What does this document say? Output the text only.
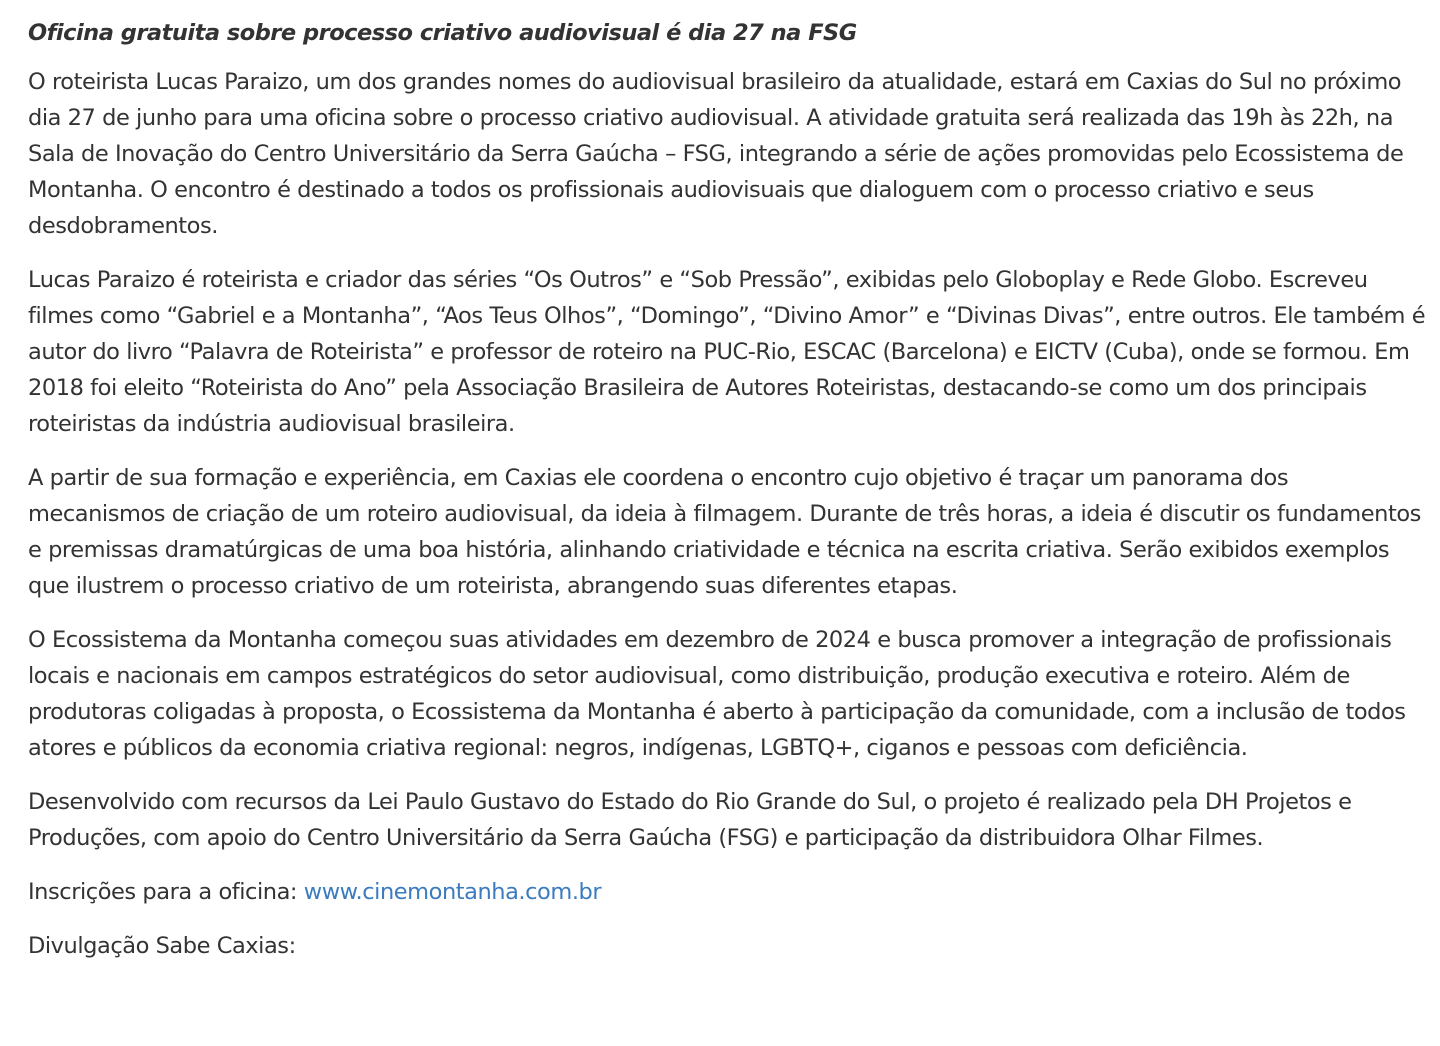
Oficina gratuita sobre processo criativo audiovisual é dia 27 na FSG

O roteirista Lucas Paraizo, um dos grandes nomes do audiovisual brasileiro da atualidade, estará em Caxias do Sul no próximo dia 27 de junho para uma oficina sobre o processo criativo audiovisual. A atividade gratuita será realizada das 19h às 22h, na Sala de Inovação do Centro Universitário da Serra Gaúcha – FSG, integrando a série de ações promovidas pelo Ecossistema de Montanha. O encontro é destinado a todos os profissionais audiovisuais que dialoguem com o processo criativo e seus desdobramentos.

Lucas Paraizo é roteirista e criador das séries “Os Outros” e “Sob Pressão”, exibidas pelo Globoplay e Rede Globo. Escreveu filmes como “Gabriel e a Montanha”, “Aos Teus Olhos”, “Domingo”, “Divino Amor” e “Divinas Divas”, entre outros. Ele também é autor do livro “Palavra de Roteirista” e professor de roteiro na PUC-Rio, ESCAC (Barcelona) e EICTV (Cuba), onde se formou. Em 2018 foi eleito “Roteirista do Ano” pela Associação Brasileira de Autores Roteiristas, destacando-se como um dos principais roteiristas da indústria audiovisual brasileira.

A partir de sua formação e experiência, em Caxias ele coordena o encontro cujo objetivo é traçar um panorama dos mecanismos de criação de um roteiro audiovisual, da ideia à filmagem. Durante de três horas, a ideia é discutir os fundamentos e premissas dramatúrgicas de uma boa história, alinhando criatividade e técnica na escrita criativa. Serão exibidos exemplos que ilustrem o processo criativo de um roteirista, abrangendo suas diferentes etapas.

O Ecossistema da Montanha começou suas atividades em dezembro de 2024 e busca promover a integração de profissionais locais e nacionais em campos estratégicos do setor audiovisual, como distribuição, produção executiva e roteiro. Além de produtoras coligadas à proposta, o Ecossistema da Montanha é aberto à participação da comunidade, com a inclusão de todos atores e públicos da economia criativa regional: negros, indígenas, LGBTQ+, ciganos e pessoas com deficiência.

Desenvolvido com recursos da Lei Paulo Gustavo do Estado do Rio Grande do Sul, o projeto é realizado pela DH Projetos e Produções, com apoio do Centro Universitário da Serra Gaúcha (FSG) e participação da distribuidora Olhar Filmes.

Inscrições para a oficina: www.cinemontanha.com.br

Divulgação Sabe Caxias:
